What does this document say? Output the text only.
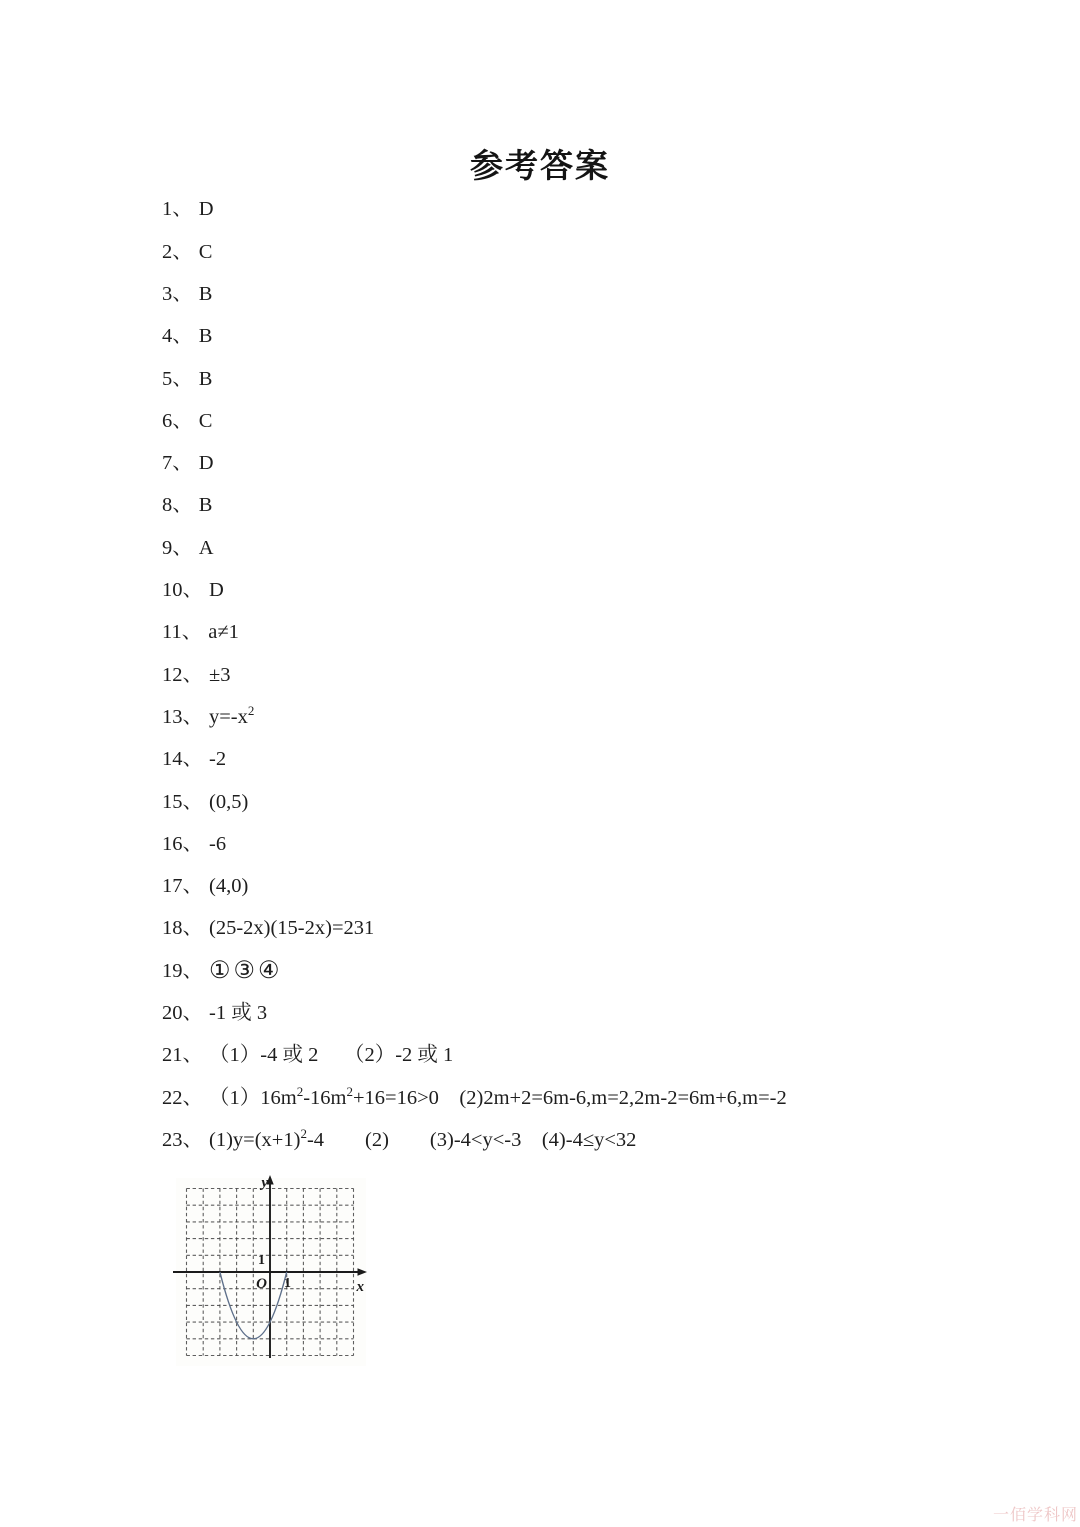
参考答案
1、 D
2、 C
3、 B
4、 B
5、 B
6、 C
7、 D
8、 B
9、 A
10、 D
11、 a≠1
12、 ±3
13、 $y=-x^2$
14、 -2
15、 (0,5)
16、 -6
17、 (4,0)
18、 (25-2x)(15-2x)=231
19、 ①③④
20、 -1 或 3
21、 （1）-4 或 2　 （2）-2 或 1
22、 $(1)16m^2-16m^2+16=16>0$　(2)2m+2=6m-6,m=2,2m-2=6m+6,m=-2
23、 $(1)y=(x+1)^2-4$　　(2)　　(3)-4<y<-3　(4)-4≤y<32
y
x
O
1
1
一佰学科网
